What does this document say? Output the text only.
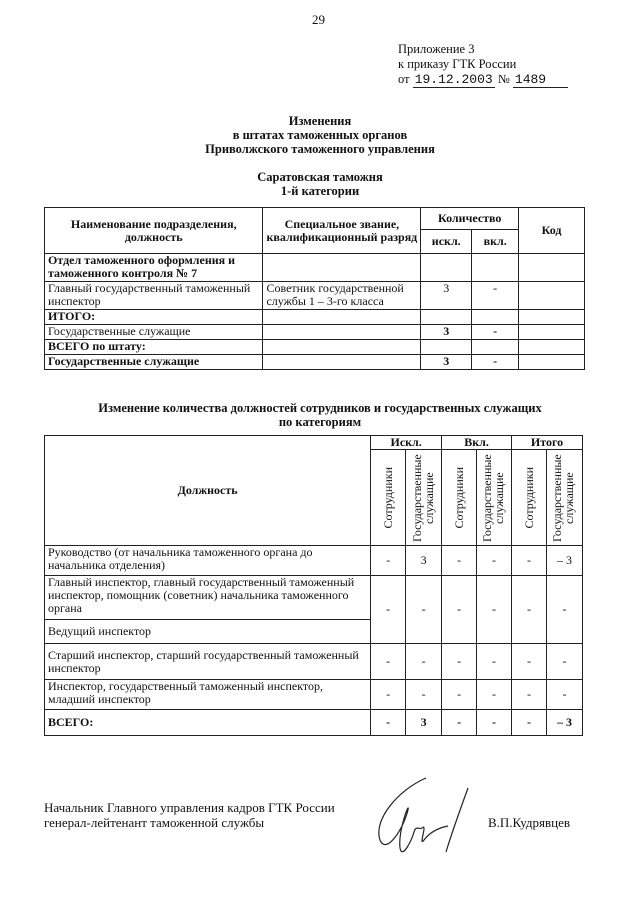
29
Приложение 3
к приказу ГТК России
от 19.12.2003 № 1489
Изменения
в штатах таможенных органов
Приволжского таможенного управления
Саратовская таможня
1-й категории
Наименование подразделения, должность	Специальное звание, квалификационный разряд	Количество		Код
		искл.	вкл.	
Отдел таможенного оформления и таможенного контроля № 7				
Главный государственный таможенный инспектор	Советник государственной службы 1 – 3-го класса	3	-	
ИТОГО:				
Государственные служащие		3	-	
ВСЕГО по штату:				
Государственные служащие		3	-	
Изменение количества должностей сотрудников и государственных служащих
по категориям
Должность	Искл.		Вкл.		Итого	

	Сотрудники	Государственные служащие	Сотрудники	Государственные служащие	Сотрудники	Государственные служащие

Руководство (от начальника таможенного органа до начальника отделения)	-	3	-	-	-	– 3
Главный инспектор, главный государственный таможенный инспектор, помощник (советник) начальника таможенного органа	-	-	-	-	-	-
Ведущий инспектор						
Старший инспектор, старший государственный таможенный инспектор	-	-	-	-	-	-
Инспектор, государственный таможенный инспектор, младший инспектор	-	-	-	-	-	-
ВСЕГО:	-	3	-	-	-	– 3
Начальник Главного управления кадров ГТК России
генерал-лейтенант таможенной службы	В.П.Кудрявцев
